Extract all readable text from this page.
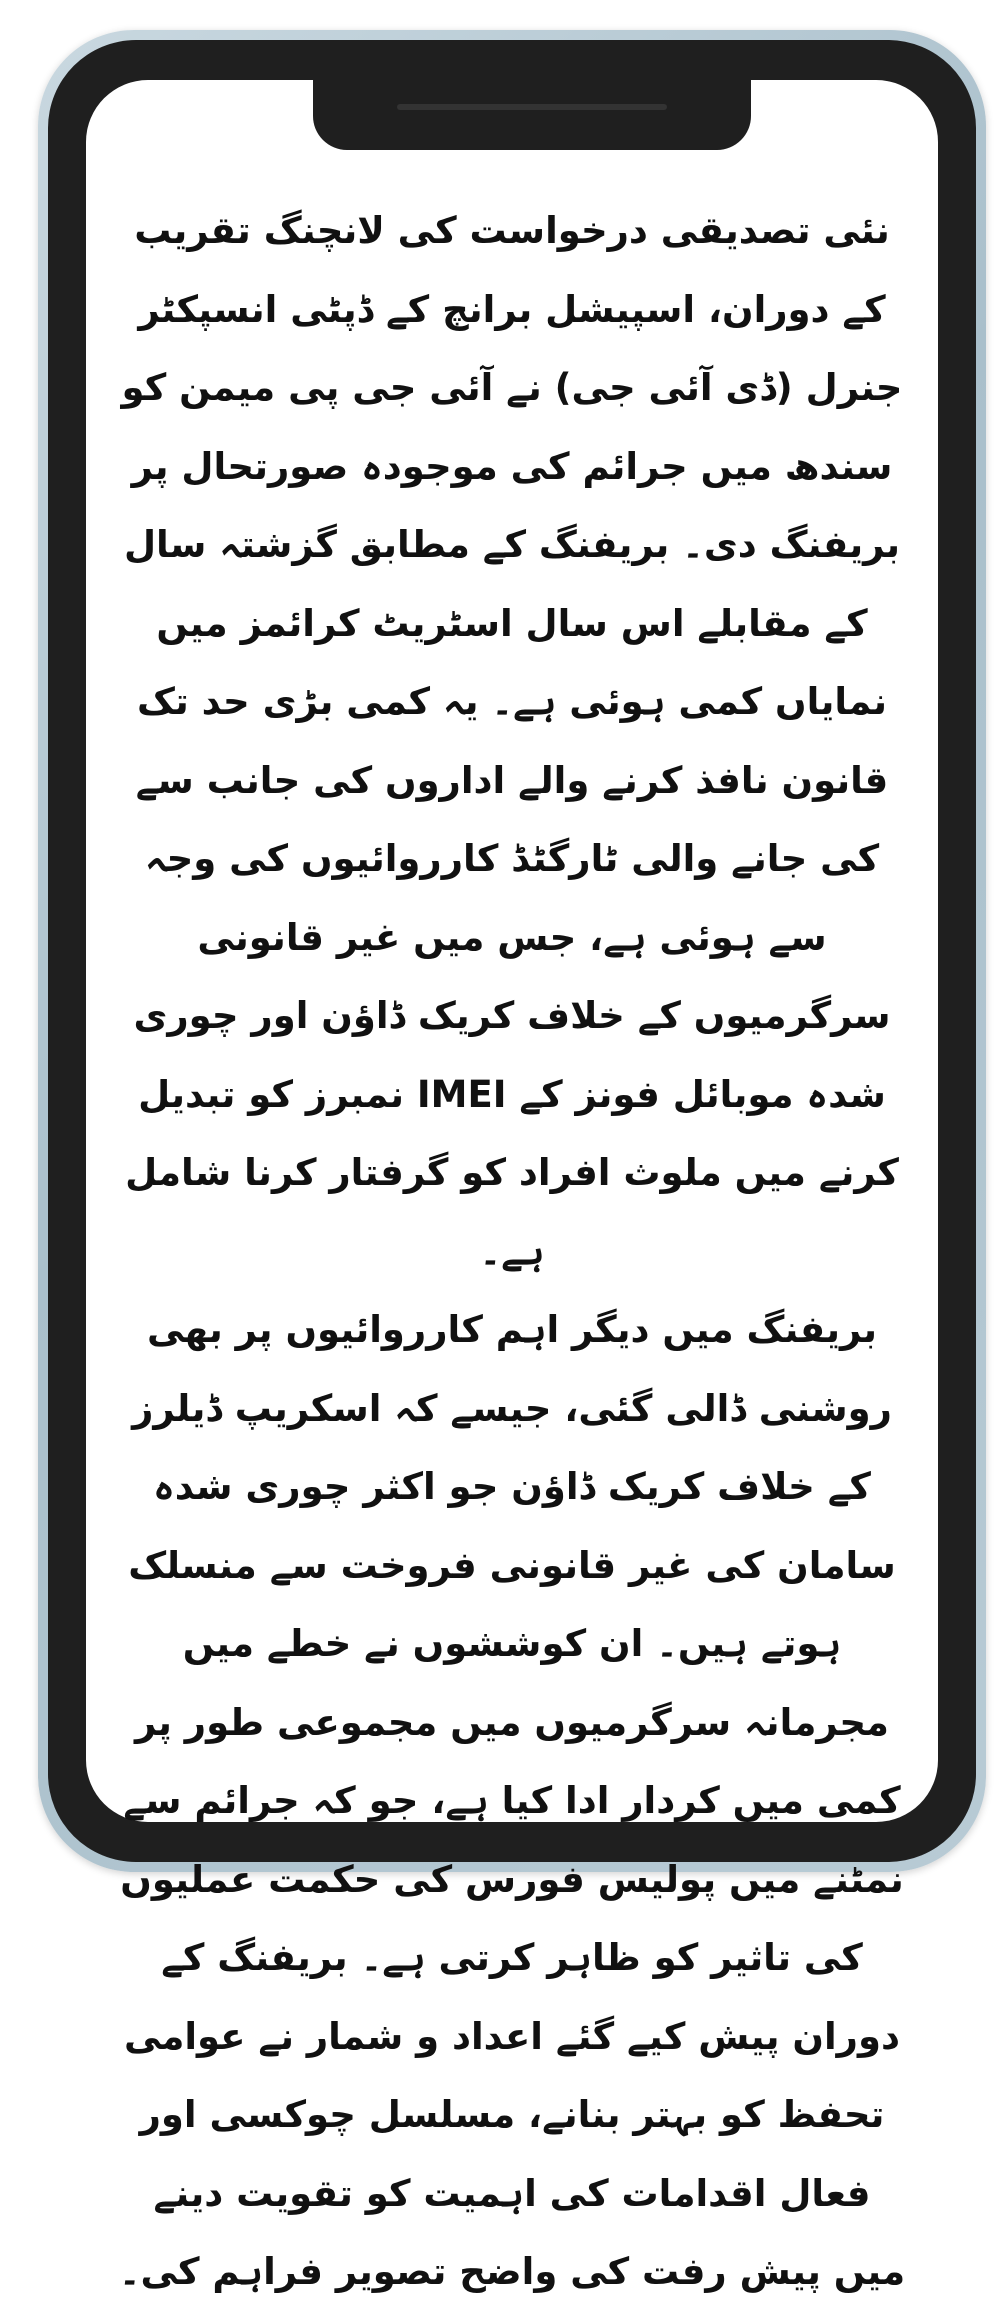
نئی تصدیقی درخواست کی لانچنگ تقریب کے دوران، اسپیشل برانچ کے ڈپٹی انسپکٹر جنرل (ڈی آئی جی) نے آئی جی پی میمن کو سندھ میں جرائم کی موجودہ صورتحال پر بریفنگ دی۔ بریفنگ کے مطابق گزشتہ سال کے مقابلے اس سال اسٹریٹ کرائمز میں نمایاں کمی ہوئی ہے۔ یہ کمی بڑی حد تک قانون نافذ کرنے والے اداروں کی جانب سے کی جانے والی ٹارگٹڈ کارروائیوں کی وجہ سے ہوئی ہے، جس میں غیر قانونی سرگرمیوں کے خلاف کریک ڈاؤن اور چوری شدہ موبائل فونز کے IMEI نمبرز کو تبدیل کرنے میں ملوث افراد کو گرفتار کرنا شامل ہے۔

بریفنگ میں دیگر اہم کارروائیوں پر بھی روشنی ڈالی گئی، جیسے کہ اسکریپ ڈیلرز کے خلاف کریک ڈاؤن جو اکثر چوری شدہ سامان کی غیر قانونی فروخت سے منسلک ہوتے ہیں۔ ان کوششوں نے خطے میں مجرمانہ سرگرمیوں میں مجموعی طور پر کمی میں کردار ادا کیا ہے، جو کہ جرائم سے نمٹنے میں پولیس فورس کی حکمت عملیوں کی تاثیر کو ظاہر کرتی ہے۔ بریفنگ کے دوران پیش کیے گئے اعداد و شمار نے عوامی تحفظ کو بہتر بنانے، مسلسل چوکسی اور فعال اقدامات کی اہمیت کو تقویت دینے میں پیش رفت کی واضح تصویر فراہم کی۔
